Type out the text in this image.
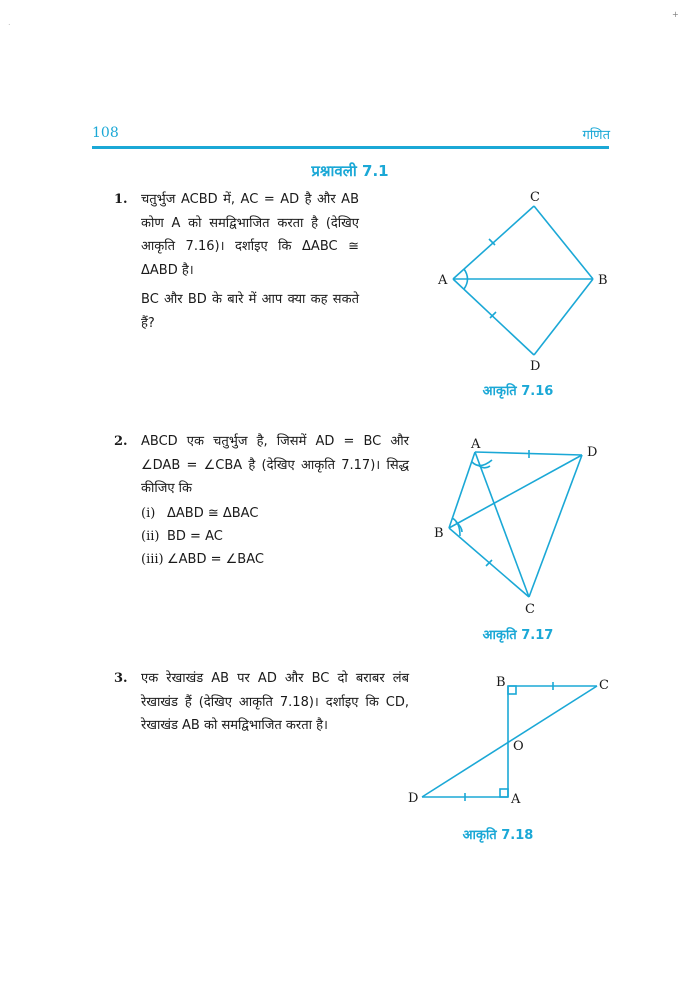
+
.
108	गणित
प्रश्नावली 7.1
1. चतुर्भुज ACBD में, AC = AD है और AB कोण A को समद्विभाजित करता है (देखिए आकृति 7.16)। दर्शाइए कि ΔABC ≅ ΔABD है।

BC और BD के बारे में आप क्या कह सकते हैं?

2. ABCD एक चतुर्भुज है, जिसमें AD = BC और ∠DAB = ∠CBA है (देखिए आकृति 7.17)। सिद्ध कीजिए कि

(i) ΔABD ≅ ΔBAC
(ii) BD = AC
(iii) ∠ABD = ∠BAC
3. एक रेखाखंड AB पर AD और BC दो बराबर लंब रेखाखंड हैं (देखिए आकृति 7.18)। दर्शाइए कि CD, रेखाखंड AB को समद्विभाजित करता है।

C
A	B
D
A
D
B
C
B	C
O
D	A
आकृति 7.16
आकृति 7.17
आकृति 7.18
